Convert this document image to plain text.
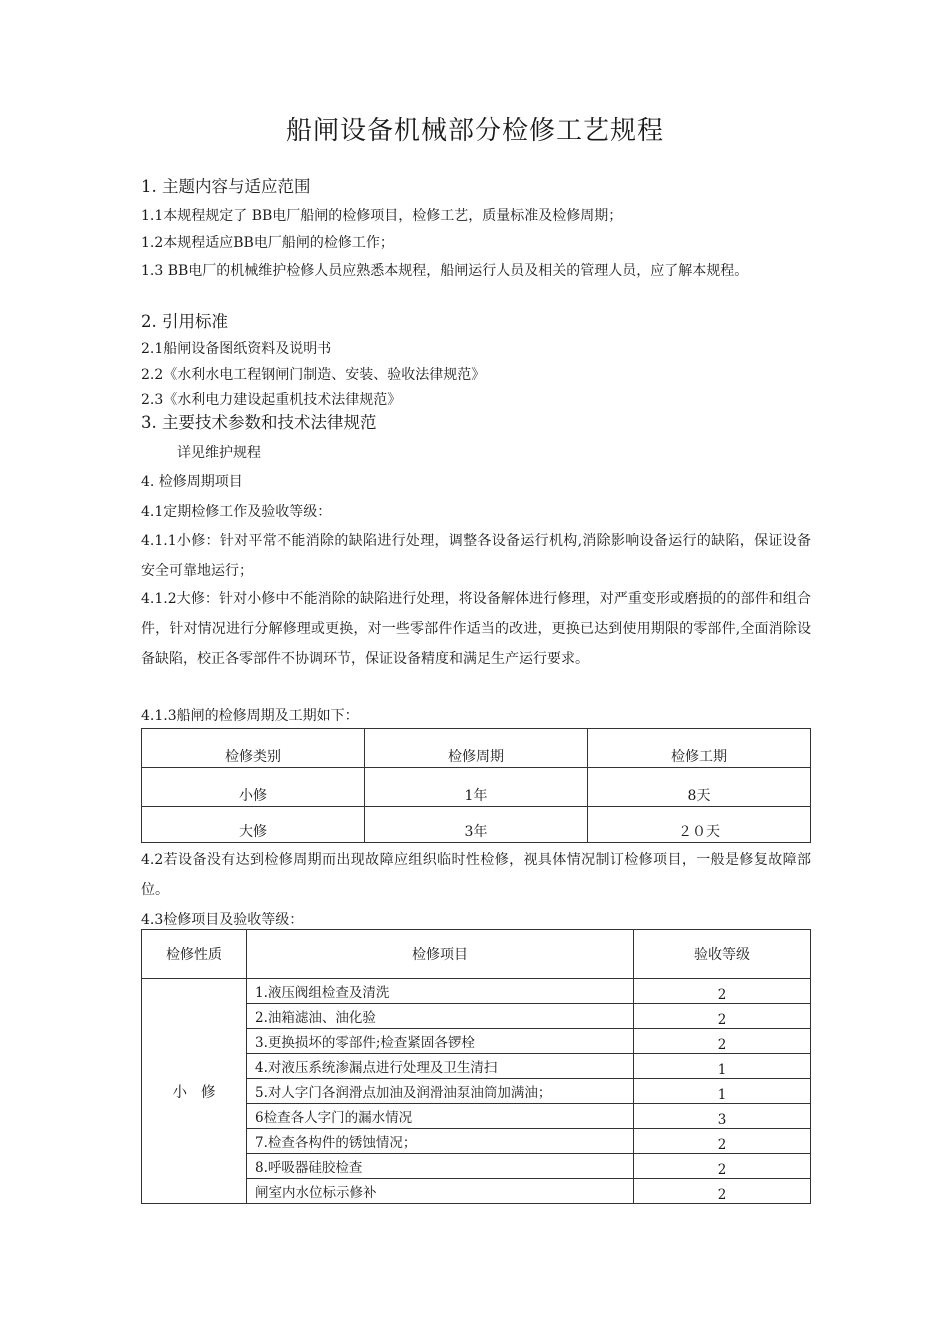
船闸设备机械部分检修工艺规程
1. 主题内容与适应范围
1.1本规程规定了 BB电厂船闸的检修项目，检修工艺，质量标准及检修周期；
1.2本规程适应BB电厂船闸的检修工作；
1.3 BB电厂的机械维护检修人员应熟悉本规程，船闸运行人员及相关的管理人员，应了解本规程。
2. 引用标准
2.1船闸设备图纸资料及说明书
2.2《水利水电工程钢闸门制造、安装、验收法律规范》
2.3《水利电力建设起重机技术法律规范》
3. 主要技术参数和技术法律规范
详见维护规程
4. 检修周期项目
4.1定期检修工作及验收等级：
4.1.1小修：针对平常不能消除的缺陷进行处理，调整各设备运行机构,消除影响设备运行的缺陷，保证设备安全可靠地运行；
4.1.2大修：针对小修中不能消除的缺陷进行处理，将设备解体进行修理，对严重变形或磨损的的部件和组合件，针对情况进行分解修理或更换，对一些零部件作适当的改进，更换已达到使用期限的零部件,全面消除设备缺陷，校正各零部件不协调环节，保证设备精度和满足生产运行要求。
4.1.3船闸的检修周期及工期如下：
检修类别	检修周期	检修工期
小修	1年	8天
大修	3年	２０天
4.2若设备没有达到检修周期而出现故障应组织临时性检修，视具体情况制订检修项目，一般是修复故障部位。
4.3检修项目及验收等级：
检修性质	检修项目	验收等级
小修	1.液压阀组检查及清洗	2
	2.油箱滤油、油化验	2
	3.更换损坏的零部件;检查紧固各锣栓	2
	4.对液压系统渗漏点进行处理及卫生清扫	1
	5.对人字门各润滑点加油及润滑油泵油筒加满油；	1
	6检查各人字门的漏水情况	3
	7.检查各构件的锈蚀情况；	2
	8.呼吸器硅胶检查	2
	闸室内水位标示修补	2
